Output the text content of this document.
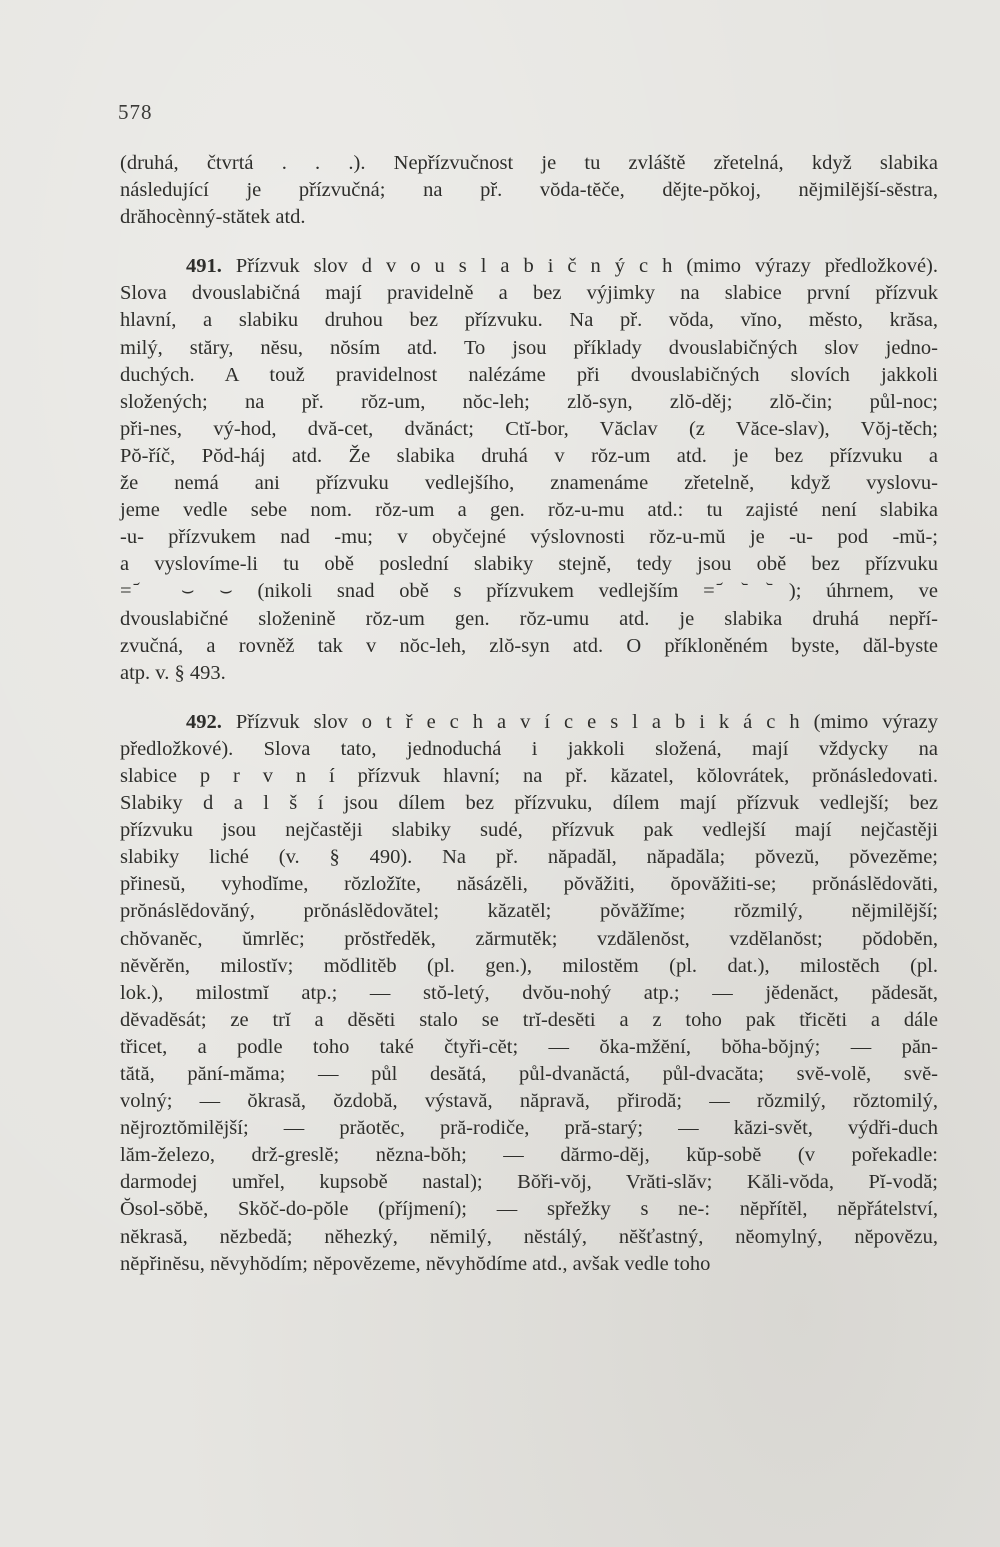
578
(druhá, čtvrtá . . .). Nepřízvučnost je tu zvláště zřetelná, když slabika
následující je přízvučná; na př. vŏda-tĕče, dějte-pŏkoj, nĕjmilĕjší-sĕstra,
drăhocènný-stătek atd.
491. Přízvuk slov d v o u s l a b i č n ý c h (mimo výrazy předložkové).
Slova dvouslabičná mají pravidelně a bez výjimky na slabice první přízvuk
hlavní, a slabiku druhou bez přízvuku. Na př. vŏda, vĭno, město, krăsa,
milý, stăry, nĕsu, nŏsím atd. To jsou příklady dvouslabičných slov jedno-
duchých. A touž pravidelnost nalézáme při dvouslabičných slovích jakkoli
složených; na př. rŏz-um, nŏc-leh; zlŏ-syn, zlŏ-děj; zlŏ-čin; půl-noc;
při-nes, vý-hod, dvă-cet, dvănáct; Ctĭ-bor, Văclav (z Văce-slav), Vŏj-těch;
Pŏ-říč, Pŏd-háj atd. Že slabika druhá v rŏz-um atd. je bez přízvuku a
že nemá ani přízvuku vedlejšího, znamenáme zřetelně, když vyslovu-
jeme vedle sebe nom. rŏz-um a gen. rŏz-u-mu atd.: tu zajisté není slabika
-u- přízvukem nad -mu; v obyčejné výslovnosti rŏz-u-mŭ je -u- pod -mŭ-;
a vyslovíme-li tu obě poslední slabiky stejně, tedy jsou obě bez přízvuku
= ᷄ ⌣ ⌣ (nikoli snad obě s přízvukem vedlejším = ᷄ ᷅ ᷅); úhrnem, ve
dvouslabičné složenině rŏz-um gen. rŏz-umu atd. je slabika druhá nepří-
zvučná, a rovněž tak v nŏc-leh, zlŏ-syn atd. O příkloněném byste, dăl-byste
atp. v. § 493.
492. Přízvuk slov o t ř e c h a v í c e s l a b i k á c h (mimo výrazy
předložkové). Slova tato, jednoduchá i jakkoli složená, mají vždycky na
slabice p r v n í přízvuk hlavní; na př. kăzatel, kŏlovrátek, prŏnásledovati.
Slabiky d a l š í jsou dílem bez přízvuku, dílem mají přízvuk vedlejší; bez
přízvuku jsou nejčastěji slabiky sudé, přízvuk pak vedlejší mají nejčastěji
slabiky liché (v. § 490). Na př. năpadăl, năpadăla; pŏvezŭ, pŏvezĕme;
přinesŭ, vyhodĭme, rŏzložĭte, năsázĕli, pŏvăžiti, ŏpovăžiti-se; prŏnáslĕdovăti,
prŏnáslĕdovăný, prŏnáslĕdovătel; kăzatĕl; pŏvăžĭme; rŏzmilý, nĕjmilĕjší;
chŏvanĕc, ŭmrlĕc; prŏstředĕk, zărmutĕk; vzdălenŏst, vzdĕlanŏst; pŏdobĕn,
nĕvěrĕn, milostĭv; mŏdlitĕb (pl. gen.), milostĕm (pl. dat.), milostĕch (pl.
lok.), milostmĭ atp.; — stŏ-letý, dvŏu-nohý atp.; — jĕdenăct, pădesăt,
dĕvadĕsát; ze trĭ a dĕsĕti stalo se trĭ-desĕti a z toho pak třicĕti a dále
třicet, a podle toho také čtyři-cĕt; — ŏka-mžĕní, bŏha-bŏjný; — păn-
tătă, păní-măma; — půl desătá, půl-dvanăctá, půl-dvacăta; svĕ-volĕ, svĕ-
volný; — ŏkrasă, ŏzdobă, výstavă, năpravă, přirodă; — rŏzmilý, rŏztomilý,
nĕjroztŏmilĕjší; — prăotĕc, pră-rodiče, pră-starý; — kăzi-svět, výdři-duch
lăm-železo, drž-greslĕ; nĕzna-bŏh; — dărmo-dĕj, kŭp-sobĕ (v pořekadle:
darmodej umřel, kupsobě nastal); Bŏři-vŏj, Vrăti-slăv; Kăli-vŏda, Pĭ-vodă;
Ŏsol-sŏbĕ, Skŏč-do-pŏle (příjmení); — spřežky s ne-: nĕpřítĕl, nĕpřátelství,
nĕkrasă, nĕzbedă; nĕhezký, nĕmilý, nĕstálý, nĕšťastný, nĕomylný, nĕpovĕzu,
nĕpřinĕsu, nĕvyhŏdím; nĕpovĕzeme, nĕvyhŏdíme atd., avšak vedle toho
